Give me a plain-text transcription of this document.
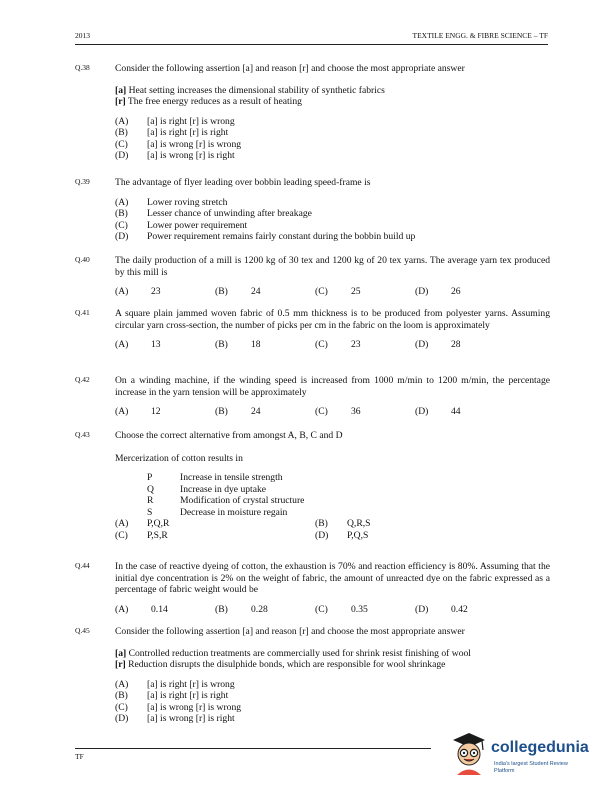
2013	TEXTILE ENGG. & FIBRE SCIENCE – TF
Q.38	Consider the following assertion [a] and reason [r] and choose the most appropriate answer
[a] Heat setting increases the dimensional stability of synthetic fabrics
[r] The free energy reduces as a result of heating
(A)	[a] is right [r] is wrong
(B)	[a] is right [r] is right
(C)	[a] is wrong [r] is wrong
(D)	[a] is wrong [r] is right
Q.39	The advantage of flyer leading over bobbin leading speed-frame is
(A)	Lower roving stretch
(B)	Lesser chance of unwinding after breakage
(C)	Lower power requirement
(D)	Power requirement remains fairly constant during the bobbin build up
Q.40	The daily production of a mill is 1200 kg of 30 tex and 1200 kg of 20 tex yarns. The average yarn tex produced by this mill is
(A)	23	(B)	24	(C)	25	(D)	26
Q.41	A square plain jammed woven fabric of 0.5 mm thickness is to be produced from polyester yarns. Assuming circular yarn cross-section, the number of picks per cm in the fabric on the loom is approximately
(A)	13	(B)	18	(C)	23	(D)	28
Q.42	On a winding machine, if the winding speed is increased from 1000 m/min to 1200 m/min, the percentage increase in the yarn tension will be approximately
(A)	12	(B)	24	(C)	36	(D)	44
Q.43	Choose the correct alternative from amongst A, B, C and D
Mercerization of cotton results in
P	Increase in tensile strength
Q	Increase in dye uptake
R	Modification of crystal structure
S	Decrease in moisture regain
(A)	P,Q,R	(B)	Q,R,S
(C)	P,S,R	(D)	P,Q,S
Q.44	In the case of reactive dyeing of cotton, the exhaustion is 70% and reaction efficiency is 80%. Assuming that the initial dye concentration is 2% on the weight of fabric, the amount of unreacted dye on the fabric expressed as a percentage of fabric weight would be
(A)	0.14	(B)	0.28	(C)	0.35	(D)	0.42
Q.45	Consider the following assertion [a] and reason [r] and choose the most appropriate answer
[a] Controlled reduction treatments are commercially used for shrink resist finishing of wool
[r] Reduction disrupts the disulphide bonds, which are responsible for wool shrinkage
(A)	[a] is right [r] is wrong
(B)	[a] is right [r] is right
(C)	[a] is wrong [r] is wrong
(D)	[a] is wrong [r] is right
TF
collegedunia
India's largest Student Review Platform
